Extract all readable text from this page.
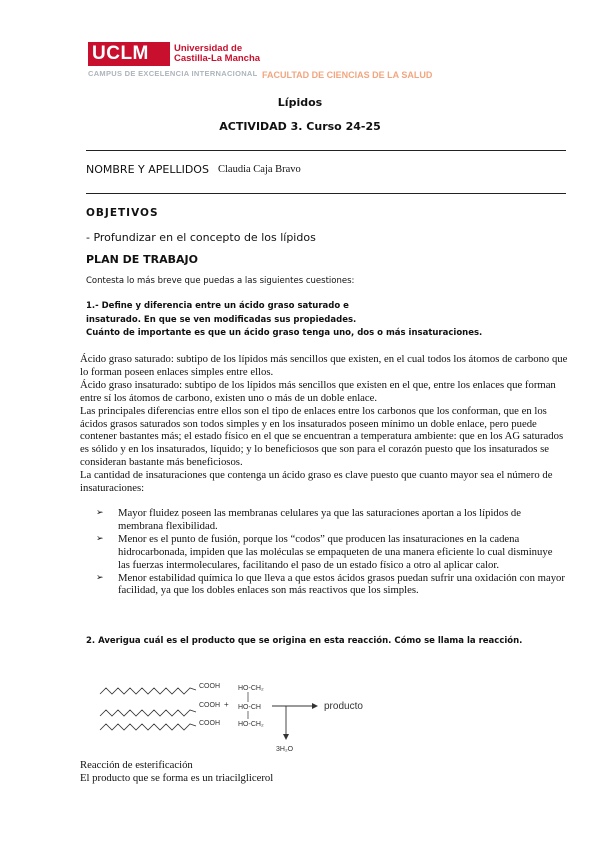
UCLM	Universidad de
Castilla-La Mancha
CAMPUS DE EXCELENCIA INTERNACIONAL FACULTAD DE CIENCIAS DE LA SALUD
Lípidos
ACTIVIDAD 3. Curso 24-25
NOMBRE Y APELLIDOS Claudia Caja Bravo
OBJETIVOS
- Profundizar en el concepto de los lípidos
PLAN DE TRABAJO
Contesta lo más breve que puedas a las siguientes cuestiones:
1.- Define y diferencia entre un ácido graso saturado e
insaturado. En que se ven modificadas sus propiedades.
Cuánto de importante es que un ácido graso tenga uno, dos o más insaturaciones.

Ácido graso saturado: subtipo de los lípidos más sencillos que existen, en el cual todos los átomos de carbono que lo forman poseen enlaces simples entre ellos.

Ácido graso insaturado: subtipo de los lípidos más sencillos que existen en el que, entre los enlaces que forman entre sí los átomos de carbono, existen uno o más de un doble enlace.

Las principales diferencias entre ellos son el tipo de enlaces entre los carbonos que los conforman, que en los ácidos grasos saturados son todos simples y en los insaturados poseen mínimo un doble enlace, pero puede contener bastantes más; el estado físico en el que se encuentran a temperatura ambiente: que en los AG saturados es sólido y en los insaturados, líquido; y lo beneficiosos que son para el corazón puesto que los insaturados se consideran bastante más beneficiosos.

La cantidad de insaturaciones que contenga un ácido graso es clave puesto que cuanto mayor sea el número de insaturaciones:

➢ Mayor fluidez poseen las membranas celulares ya que las saturaciones aportan a los lípidos de membrana flexibilidad.
➢ Menor es el punto de fusión, porque los “codos” que producen las insaturaciones en la cadena hidrocarbonada, impiden que las moléculas se empaqueten de una manera eficiente lo cual disminuye las fuerzas intermoleculares, facilitando el paso de un estado físico a otro al aplicar calor.
➢ Menor estabilidad química lo que lleva a que estos ácidos grasos puedan sufrir una oxidación con mayor facilidad, ya que los dobles enlaces son más reactivos que los simples.
2. Averigua cuál es el producto que se origina en esta reacción. Cómo se llama la reacción.
COOH
COOH +
COOH
HO-CH₂
HO-CH
HO-CH₂
producto
3H₂O
Reacción de esterificación
El producto que se forma es un triacilglicerol
